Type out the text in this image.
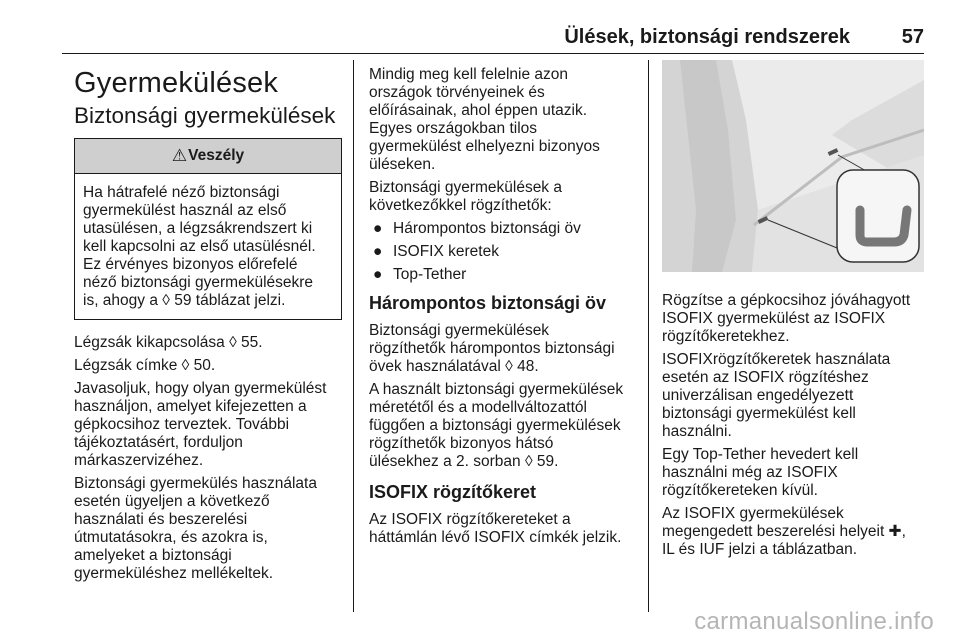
Ülések, biztonsági rendszerek	57
Gyermekülések
Biztonsági gyermekülések
⚠ Veszély
Ha hátrafelé néző biztonsági
gyermekülést használ az első
utasülésen, a légzsákrendszert ki
kell kapcsolni az első utasülésnél.
Ez érvényes bizonyos előrefelé
néző biztonsági gyermekülésekre
is, ahogy a ◊ 59 táblázat jelzi.

Légzsák kikapcsolása ◊ 55.

Légzsák címke ◊ 50.

Javasoljuk, hogy olyan gyermekülést
használjon, amelyet kifejezetten a
gépkocsihoz terveztek. További
tájékoztatásért, forduljon
márkaszervizéhez.

Biztonsági gyermekülés használata
esetén ügyeljen a következő
használati és beszerelési
útmutatásokra, és azokra is,
amelyeket a biztonsági
gyermeküléshez mellékeltek.

Mindig meg kell felelnie azon
országok törvényeinek és
előírásainak, ahol éppen utazik.
Egyes országokban tilos
gyermekülést elhelyezni bizonyos
üléseken.

Biztonsági gyermekülések a
következőkkel rögzíthetők:

● Hárompontos biztonsági öv
● ISOFIX keretek
● Top-Tether
Hárompontos biztonsági öv

Biztonsági gyermekülések
rögzíthetők hárompontos biztonsági
övek használatával ◊ 48.

A használt biztonsági gyermekülések
méretétől és a modellváltozattól
függően a biztonsági gyermekülések
rögzíthetők bizonyos hátsó
ülésekhez a 2. sorban ◊ 59.

ISOFIX rögzítőkeret

Az ISOFIX rögzítőkereteket a
háttámlán lévő ISOFIX címkék jelzik.

Rögzítse a gépkocsihoz jóváhagyott
ISOFIX gyermekülést az ISOFIX
rögzítőkeretekhez.

ISOFIXrögzítőkeretek használata
esetén az ISOFIX rögzítéshez
univerzálisan engedélyezett
biztonsági gyermekülést kell
használni.

Egy Top-Tether hevedert kell
használni még az ISOFIX
rögzítőkereteken kívül.

Az ISOFIX gyermekülések
megengedett beszerelési helyeit ✚,
IL és IUF jelzi a táblázatban.

carmanualsonline.info
